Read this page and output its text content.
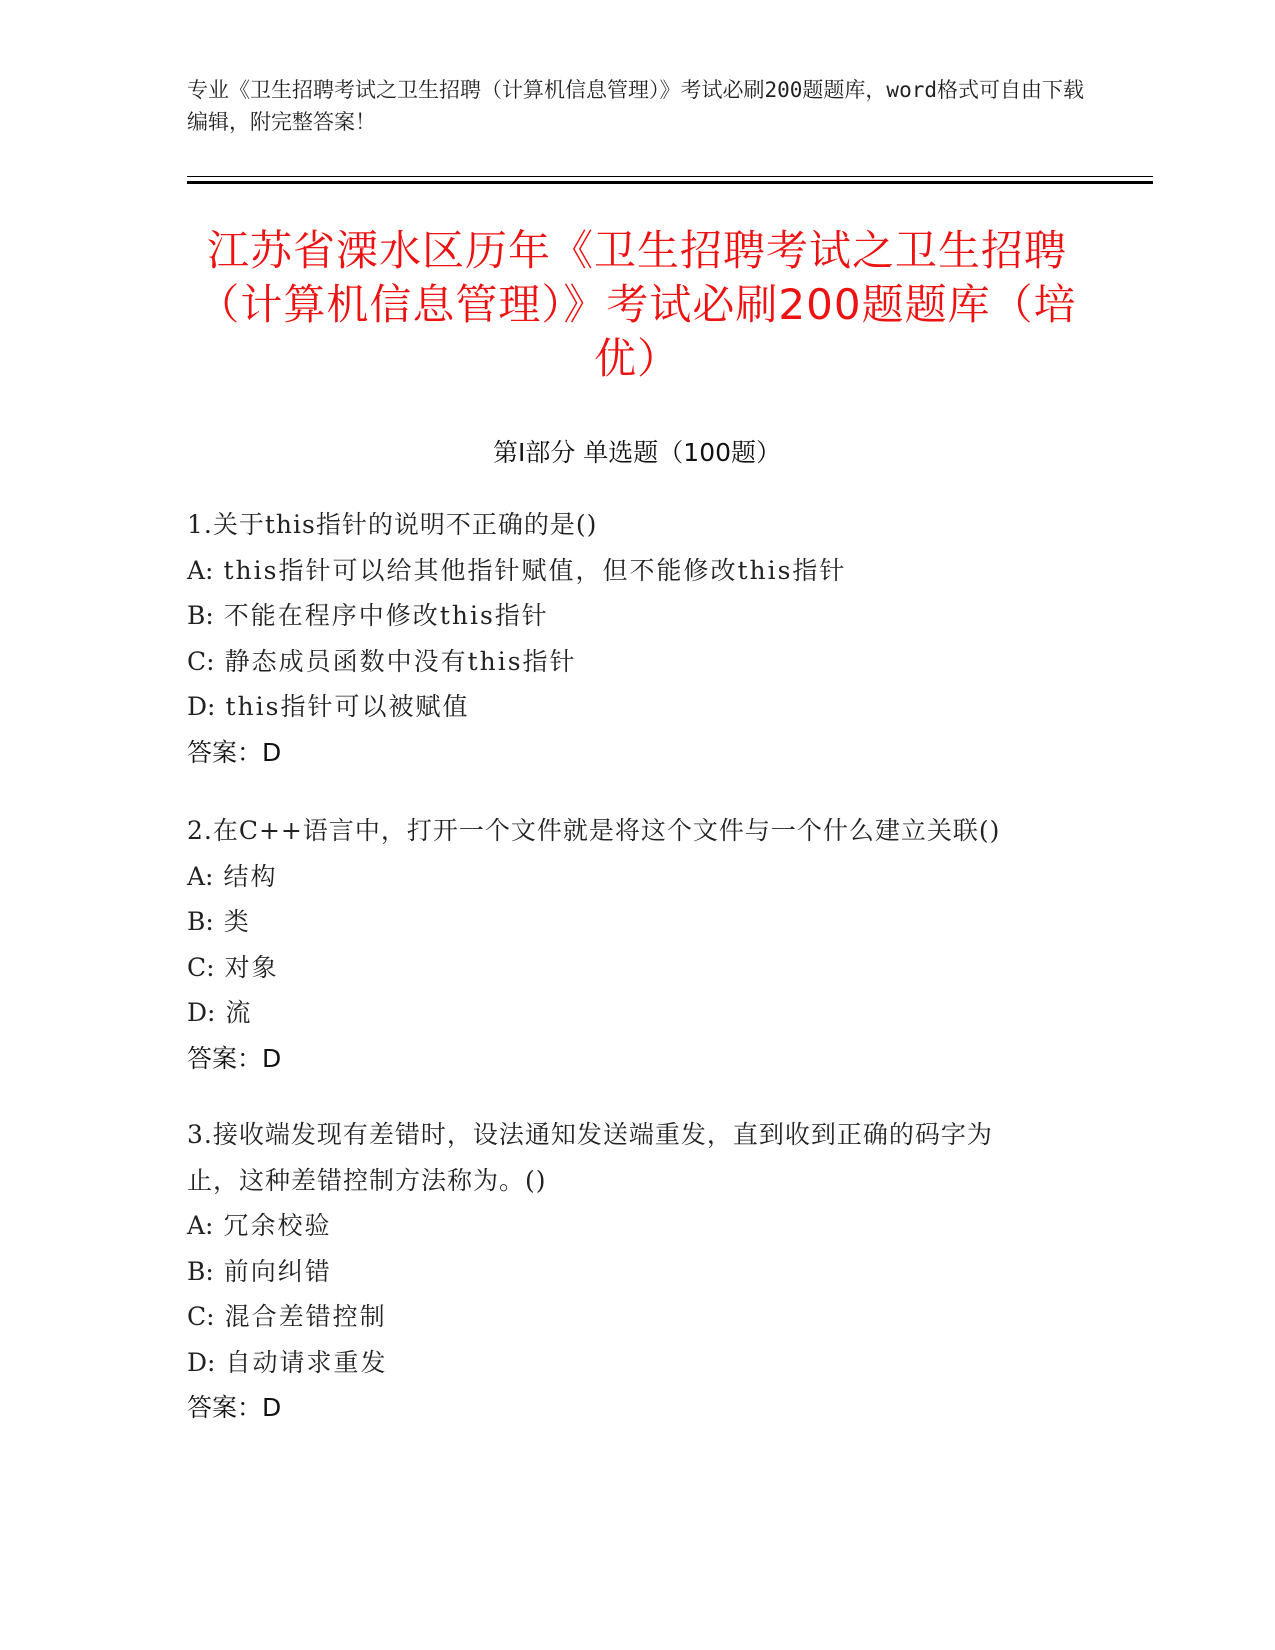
专业《卫生招聘考试之卫生招聘（计算机信息管理）》考试必刷200题题库，word格式可自由下载编辑，附完整答案！
江苏省溧水区历年《卫生招聘考试之卫生招聘（计算机信息管理）》考试必刷200题题库（培优）
第I部分 单选题（100题）

1.关于this指针的说明不正确的是()

A: this指针可以给其他指针赋值，但不能修改this指针

B: 不能在程序中修改this指针

C: 静态成员函数中没有this指针

D: this指针可以被赋值

答案：D

2.在C++语言中，打开一个文件就是将这个文件与一个什么建立关联()

A: 结构

B: 类

C: 对象

D: 流

答案：D

3.接收端发现有差错时，设法通知发送端重发，直到收到正确的码字为止，这种差错控制方法称为。()

A: 冗余校验

B: 前向纠错

C: 混合差错控制

D: 自动请求重发

答案：D
